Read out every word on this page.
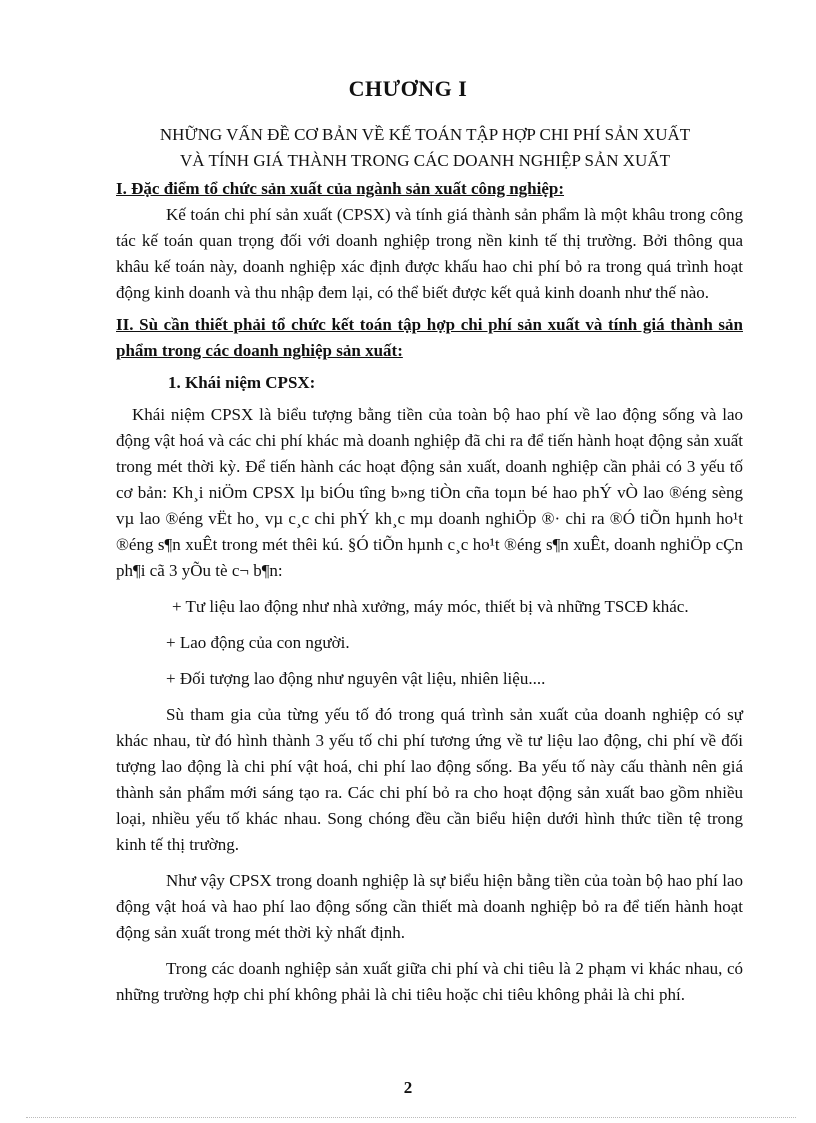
CHƯƠNG I
NHỮNG VẤN ĐỀ CƠ BẢN VỀ KẾ TOÁN TẬP HỢP CHI PHÍ SẢN XUẤT
VÀ TÍNH GIÁ THÀNH TRONG CÁC DOANH NGHIỆP SẢN XUẤT

I. Đặc điểm tổ chức sản xuất của ngành sản xuất công nghiệp:

Kế toán chi phí sản xuất (CPSX) và tính giá thành sản phẩm là một khâu trong công tác kế toán quan trọng đối với doanh nghiệp trong nền kinh tế thị trường. Bởi thông qua khâu kế toán này, doanh nghiệp xác định được khấu hao chi phí bỏ ra trong quá trình hoạt động kinh doanh và thu nhập đem lại, có thể biết được kết quả kinh doanh như thế nào.

II. Sù cần thiết phải tổ chức kết toán tập hợp chi phí sản xuất và tính giá thành sản phẩm trong các doanh nghiệp sản xuất:

1. Khái niệm CPSX:

Khái niệm CPSX là biểu tượng bằng tiền của toàn bộ hao phí về lao động sống và lao động vật hoá và các chi phí khác mà doanh nghiệp đã chi ra để tiến hành hoạt động sản xuất trong mét thời kỳ. Để tiến hành các hoạt động sản xuất, doanh nghiệp cần phải có 3 yếu tố cơ bản: Kh¸i niÖm CPSX lµ biÓu tîng b»ng tiÒn cña toµn bé hao phÝ vÒ lao ®éng sèng vµ lao ®éng vËt ho¸ vµ c¸c chi phÝ kh¸c mµ doanh nghiÖp ®· chi ra ®Ó tiÕn hµnh ho¹t ®éng s¶n xuÊt trong mét thêi kú. §Ó tiÕn hµnh c¸c ho¹t ®éng s¶n xuÊt, doanh nghiÖp cÇn ph¶i cã 3 yÕu tè c¬ b¶n:

+ Tư liệu lao động như nhà xưởng, máy móc, thiết bị và những TSCĐ khác.

+ Lao động của con người.

+ Đối tượng lao động như nguyên vật liệu, nhiên liệu....

Sù tham gia của từng yếu tố đó trong quá trình sản xuất của doanh nghiệp có sự khác nhau, từ đó hình thành 3 yếu tố chi phí tương ứng về tư liệu lao động, chi phí về đối tượng lao động là chi phí vật hoá, chi phí lao động sống. Ba yếu tố này cấu thành nên giá thành sản phẩm mới sáng tạo ra. Các chi phí bỏ ra cho hoạt động sản xuất bao gồm nhiều loại, nhiều yếu tố khác nhau. Song chóng đều cần biểu hiện dưới hình thức tiền tệ trong kinh tế thị trường.

Như vậy CPSX trong doanh nghiệp là sự biểu hiện bằng tiền của toàn bộ hao phí lao động vật hoá và hao phí lao động sống cần thiết mà doanh nghiệp bỏ ra để tiến hành hoạt động sản xuất trong mét thời kỳ nhất định.

Trong các doanh nghiệp sản xuất giữa chi phí và chi tiêu là 2 phạm vi khác nhau, có những trường hợp chi phí không phải là chi tiêu hoặc chi tiêu không phải là chi phí.

2
